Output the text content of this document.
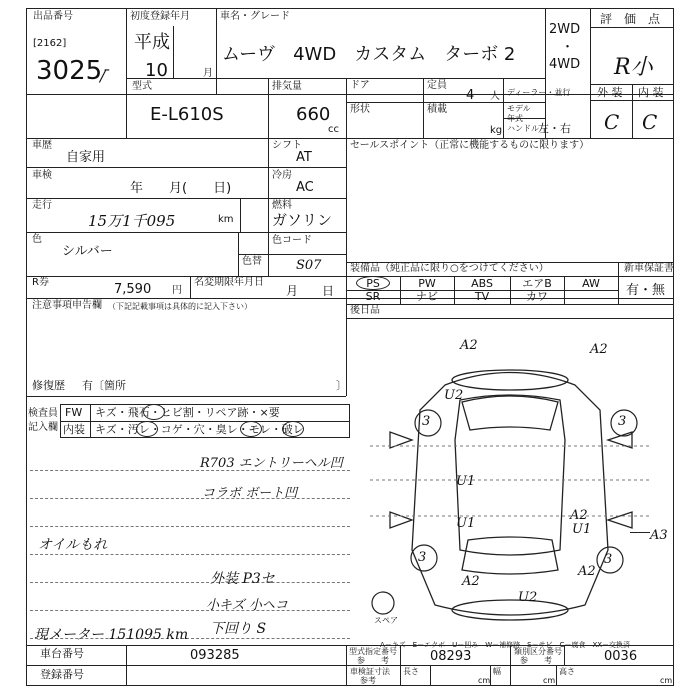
出品番号
[2162]
3025
/ ̄
初度登録年月
平成
10	月
車名・グレード
ムーヴ　4WD　カスタム　ターボ 2
2WD
・
4WD
評　価　点
R小
外 装 内 装
C C
型式
E-L610S
排気量
660
cc
ドア
形状
定員
4 人
積載
kg
ディーラー・並行
モデル
年式
ハンドル 左・右
車歴
自家用
シフト
AT
車検
年　　月(　　日)
冷房
AC
走行
15万1千095	km
燃料
ガソリン
色
シルバー
色替
色コード
S07
R券	7,590 円
名変期限年月日
月　　日
セールスポイント（正常に機能するものに限ります）
装備品（純正品に限り○をつけてください）	新車保証書
有・無
PS	PW	ABS	エアB	AW
SR	ナビ	TV	カワ
後日品
注意事項申告欄 （下記記載事項は具体的に記入下さい）
修復歴 有〔箇所	〕
検査員
記入欄
FW キズ・飛石・ヒビ割・リペア跡・×要
内装 キズ・汚レ・コゲ・穴・臭レ・モレ・破レ
R703 エントリーヘル凹
コラボ ボート凹
オイルもれ
外装 P3セ
小キズ 小ヘコ
下回り S
現メーター 151095 km
A2	A2
U2
3	3
U1
U1
A2
U1	A3
3	3
A2
A2
U2
スペア
A－キズ　E－エクボ　U－凹み　W－補修跡　S－サビ　C－腐食　XX－交換済
車台番号	093285
登録番号
型式指定番号
参　　考	08293	類別区分番号
参　　考	0036
車検証寸法
参考
長さ
cm
幅
cm
高さ
cm
